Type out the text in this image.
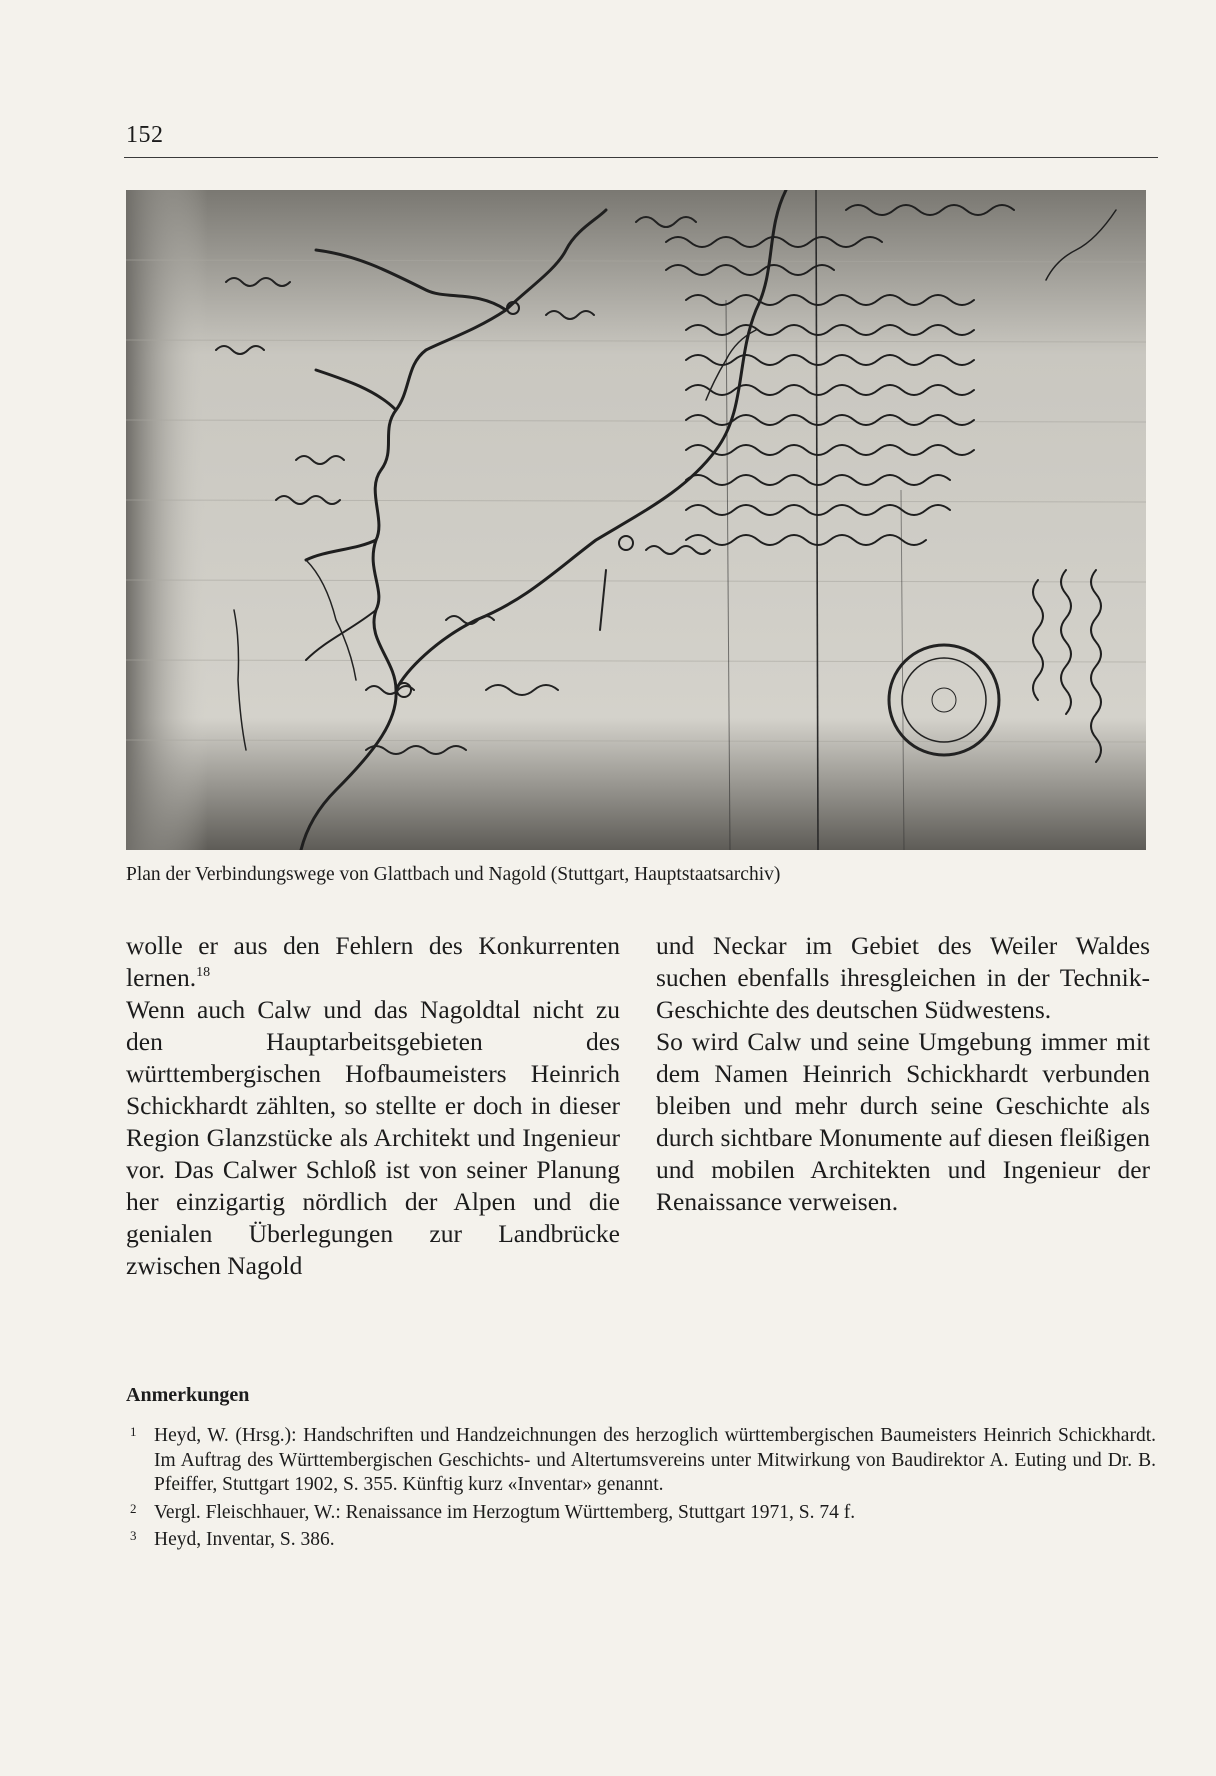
152
Plan der Verbindungswege von Glattbach und Nagold (Stuttgart, Hauptstaatsarchiv)

wolle er aus den Fehlern des Konkurrenten lernen.$^{18}$

Wenn auch Calw und das Nagoldtal nicht zu den Hauptarbeitsgebieten des württembergischen Hofbaumeisters Heinrich Schickhardt zählten, so stellte er doch in dieser Region Glanzstücke als Architekt und Ingenieur vor. Das Calwer Schloß ist von seiner Planung her einzigartig nördlich der Alpen und die genialen Überlegungen zur Landbrücke zwischen Nagold

und Neckar im Gebiet des Weiler Waldes suchen ebenfalls ihresgleichen in der Technik-Geschichte des deutschen Südwestens.

So wird Calw und seine Umgebung immer mit dem Namen Heinrich Schickhardt verbunden bleiben und mehr durch seine Geschichte als durch sichtbare Monumente auf diesen fleißigen und mobilen Architekten und Ingenieur der Renaissance verweisen.

Anmerkungen
1 Heyd, W. (Hrsg.): Handschriften und Handzeichnungen des herzoglich württembergischen Baumeisters Heinrich Schickhardt. Im Auftrag des Württembergischen Geschichts- und Altertumsvereins unter Mitwirkung von Baudirektor A. Euting und Dr. B. Pfeiffer, Stuttgart 1902, S. 355. Künftig kurz «Inventar» genannt.
2 Vergl. Fleischhauer, W.: Renaissance im Herzogtum Württemberg, Stuttgart 1971, S. 74 f.
3 Heyd, Inventar, S. 386.
